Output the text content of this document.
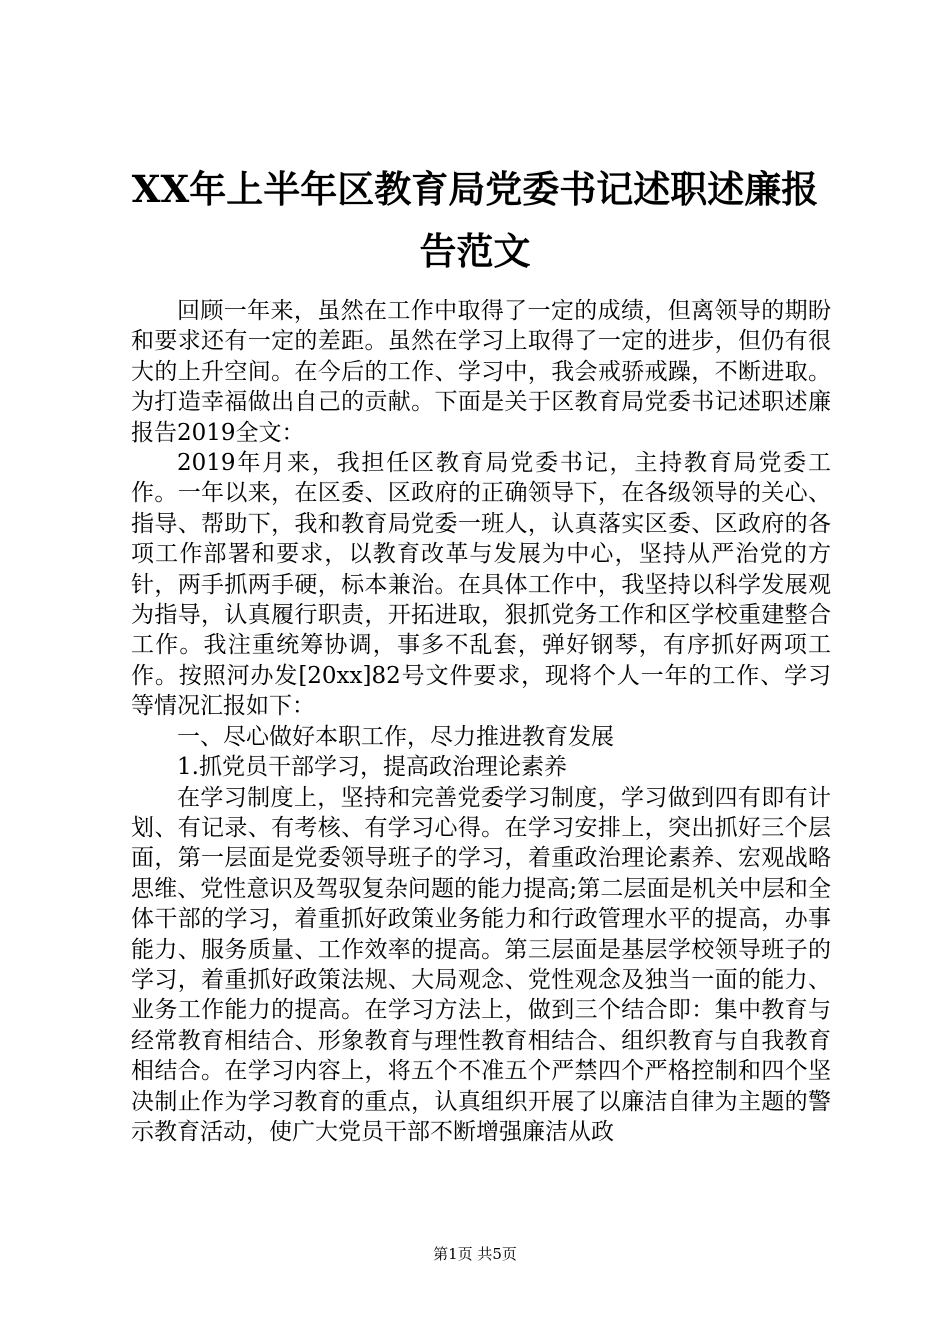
XX年上半年区教育局党委书记述职述廉报告范文

回顾一年来，虽然在工作中取得了一定的成绩，但离领导的期盼和要求还有一定的差距。虽然在学习上取得了一定的进步，但仍有很大的上升空间。在今后的工作、学习中，我会戒骄戒躁，不断进取。为打造幸福做出自己的贡献。下面是关于区教育局党委书记述职述廉报告2019全文：

2019年月来，我担任区教育局党委书记，主持教育局党委工作。一年以来，在区委、区政府的正确领导下，在各级领导的关心、指导、帮助下，我和教育局党委一班人，认真落实区委、区政府的各项工作部署和要求，以教育改革与发展为中心，坚持从严治党的方针，两手抓两手硬，标本兼治。在具体工作中，我坚持以科学发展观为指导，认真履行职责，开拓进取，狠抓党务工作和区学校重建整合工作。我注重统筹协调，事多不乱套，弹好钢琴，有序抓好两项工作。按照河办发[20xx]82号文件要求，现将个人一年的工作、学习等情况汇报如下：

一、尽心做好本职工作，尽力推进教育发展

1.抓党员干部学习，提高政治理论素养

在学习制度上，坚持和完善党委学习制度，学习做到四有即有计划、有记录、有考核、有学习心得。在学习安排上，突出抓好三个层面，第一层面是党委领导班子的学习，着重政治理论素养、宏观战略思维、党性意识及驾驭复杂问题的能力提高;第二层面是机关中层和全体干部的学习，着重抓好政策业务能力和行政管理水平的提高，办事能力、服务质量、工作效率的提高。第三层面是基层学校领导班子的学习，着重抓好政策法规、大局观念、党性观念及独当一面的能力、业务工作能力的提高。在学习方法上，做到三个结合即：集中教育与经常教育相结合、形象教育与理性教育相结合、组织教育与自我教育相结合。在学习内容上，将五个不准五个严禁四个严格控制和四个坚决制止作为学习教育的重点，认真组织开展了以廉洁自律为主题的警示教育活动，使广大党员干部不断增强廉洁从政

第1页 共5页
